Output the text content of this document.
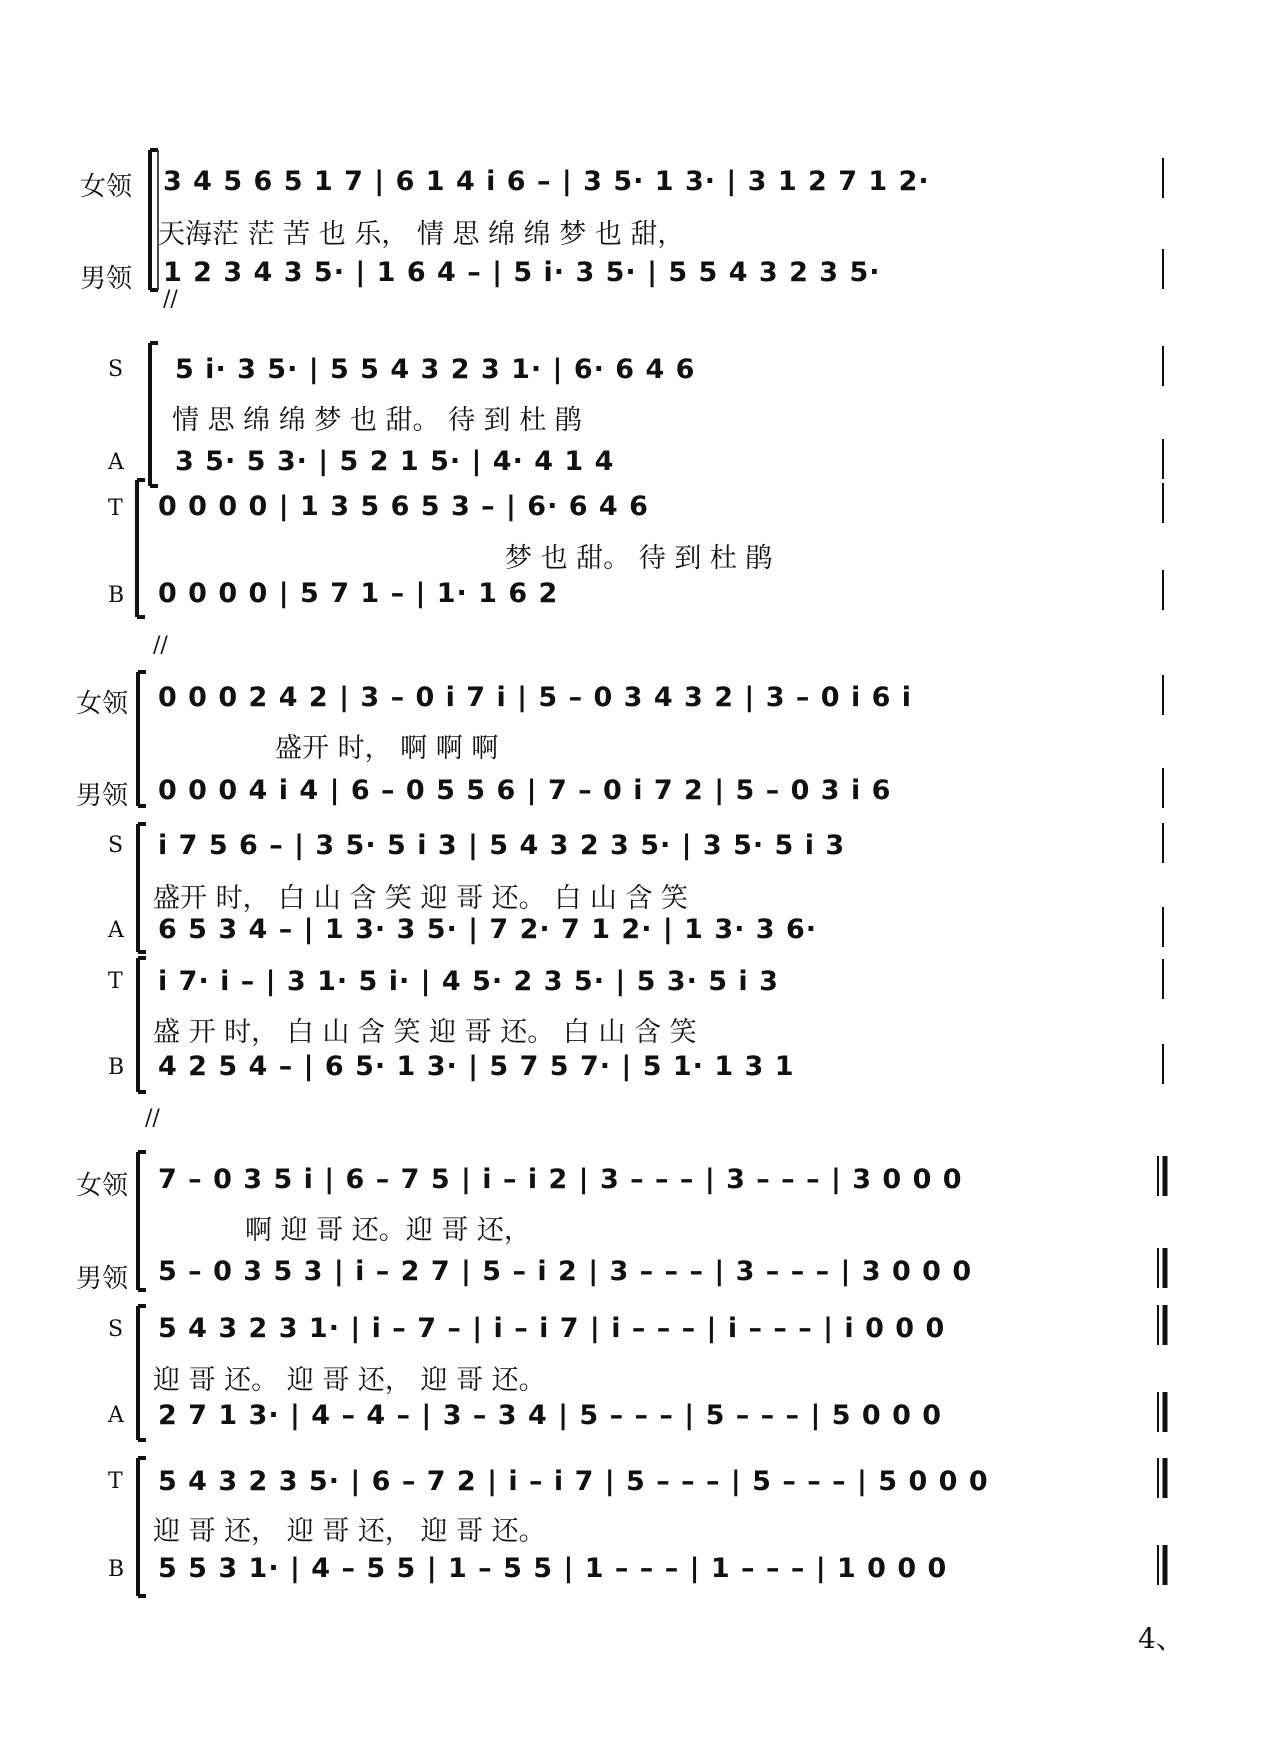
//
女领 3 4 5 6 5 1 7 | 6 1 4 i 6 – | 3 5· 1 3· | 3 1 2 7 1 2·
天海茫 茫 苦 也 乐， 情 思 绵 绵 梦 也 甜，
男领 1 2 3 4 3 5· | 1 6 4 – | 5 i· 3 5· | 5 5 4 3 2 3 5·
S 5 i· 3 5· | 5 5 4 3 2 3 1· | 6· 6 4 6
情 思 绵 绵 梦 也 甜。 待 到 杜 鹃
A 3 5· 5 3· | 5 2 1 5· | 4· 4 1 4
T 0 0 0 0 | 1 3 5 6 5 3 – | 6· 6 4 6
梦 也 甜。 待 到 杜 鹃
B 0 0 0 0 | 5 7 1 – | 1· 1 6 2
//
女领 0 0 0 2 4 2 | 3 – 0 i 7 i | 5 – 0 3 4 3 2 | 3 – 0 i 6 i
盛开 时， 啊 啊 啊
男领 0 0 0 4 i 4 | 6 – 0 5 5 6 | 7 – 0 i 7 2 | 5 – 0 3 i 6
S i 7 5 6 – | 3 5· 5 i 3 | 5 4 3 2 3 5· | 3 5· 5 i 3
盛开 时， 白 山 含 笑 迎 哥 还。 白 山 含 笑
A 6 5 3 4 – | 1 3· 3 5· | 7 2· 7 1 2· | 1 3· 3 6·
T i 7· i – | 3 1· 5 i· | 4 5· 2 3 5· | 5 3· 5 i 3
盛 开 时， 白 山 含 笑 迎 哥 还。 白 山 含 笑
B 4 2 5 4 – | 6 5· 1 3· | 5 7 5 7· | 5 1· 1 3 1
//
女领 7 – 0 3 5 i | 6 – 7 5 | i – i 2 | 3 – – – | 3 – – – | 3 0 0 0
啊 迎 哥 还。迎 哥 还，
男领 5 – 0 3 5 3 | i – 2 7 | 5 – i 2 | 3 – – – | 3 – – – | 3 0 0 0
S 5 4 3 2 3 1· | i – 7 – | i – i 7 | i – – – | i – – – | i 0 0 0
迎 哥 还。 迎 哥 还， 迎 哥 还。
A 2 7 1 3· | 4 – 4 – | 3 – 3 4 | 5 – – – | 5 – – – | 5 0 0 0
T 5 4 3 2 3 5· | 6 – 7 2 | i – i 7 | 5 – – – | 5 – – – | 5 0 0 0
迎 哥 还， 迎 哥 还， 迎 哥 还。
B 5 5 3 1· | 4 – 5 5 | 1 – 5 5 | 1 – – – | 1 – – – | 1 0 0 0
4、
